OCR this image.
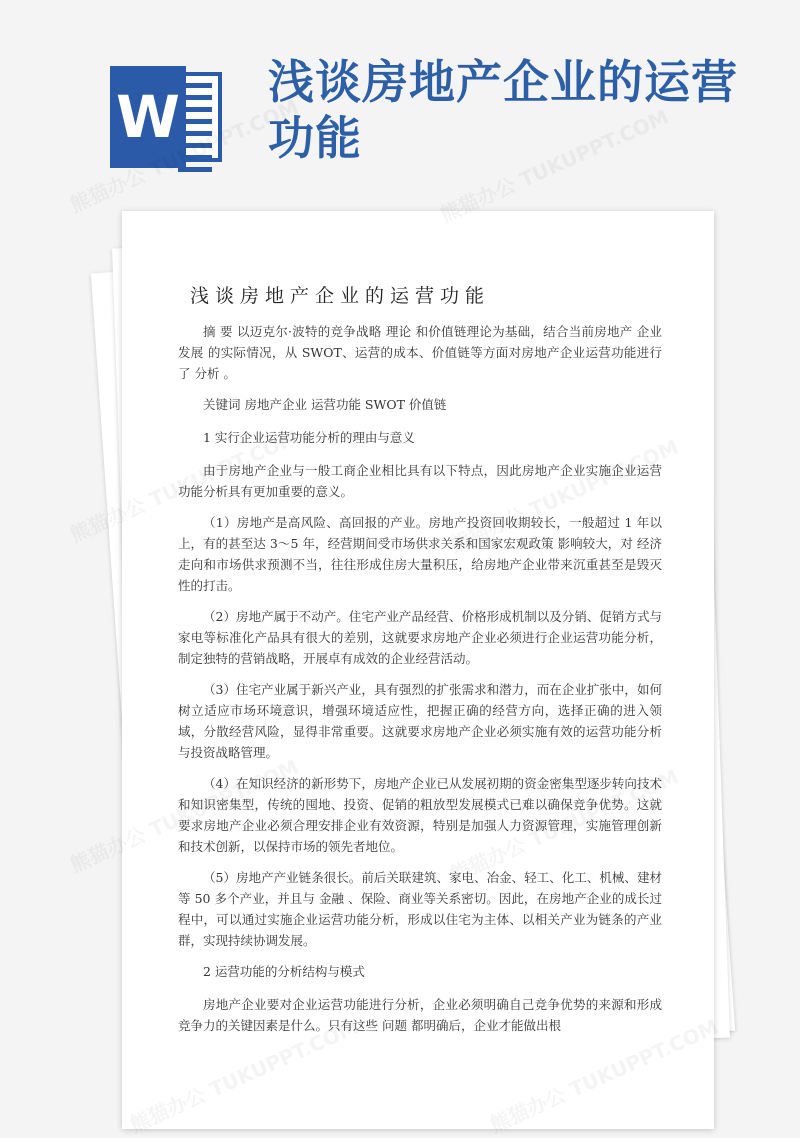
W
浅谈房地产企业的运营功能
浅谈房地产企业的运营功能

摘 要 以迈克尔·波特的竞争战略 理论 和价值链理论为基础，结合当前房地产 企业 发展 的实际情况，从 SWOT、运营的成本、价值链等方面对房地产企业运营功能进行了 分析 。

关键词 房地产企业 运营功能 SWOT 价值链

1 实行企业运营功能分析的理由与意义

由于房地产企业与一般工商企业相比具有以下特点，因此房地产企业实施企业运营功能分析具有更加重要的意义。

（1）房地产是高风险、高回报的产业。房地产投资回收期较长，一般超过 1 年以上，有的甚至达 3～5 年，经营期间受市场供求关系和国家宏观政策 影响较大，对 经济 走向和市场供求预测不当，往往形成住房大量积压，给房地产企业带来沉重甚至是毁灭性的打击。

（2）房地产属于不动产。住宅产业产品经营、价格形成机制以及分销、促销方式与家电等标准化产品具有很大的差别，这就要求房地产企业必须进行企业运营功能分析，制定独特的营销战略，开展卓有成效的企业经营活动。

（3）住宅产业属于新兴产业，具有强烈的扩张需求和潜力，而在企业扩张中，如何树立适应市场环境意识，增强环境适应性，把握正确的经营方向，选择正确的进入领域，分散经营风险，显得非常重要。这就要求房地产企业必须实施有效的运营功能分析与投资战略管理。

（4）在知识经济的新形势下，房地产企业已从发展初期的资金密集型逐步转向技术和知识密集型，传统的囤地、投资、促销的粗放型发展模式已难以确保竞争优势。这就要求房地产企业必须合理安排企业有效资源，特别是加强人力资源管理，实施管理创新和技术创新，以保持市场的领先者地位。

（5）房地产产业链条很长。前后关联建筑、家电、冶金、轻工、化工、机械、建材等 50 多个产业，并且与 金融 、保险、商业等关系密切。因此，在房地产企业的成长过程中，可以通过实施企业运营功能分析，形成以住宅为主体、以相关产业为链条的产业群，实现持续协调发展。

2 运营功能的分析结构与模式

房地产企业要对企业运营功能进行分析，企业必须明确自己竞争优势的来源和形成竞争力的关键因素是什么。只有这些 问题 都明确后，企业才能做出根
